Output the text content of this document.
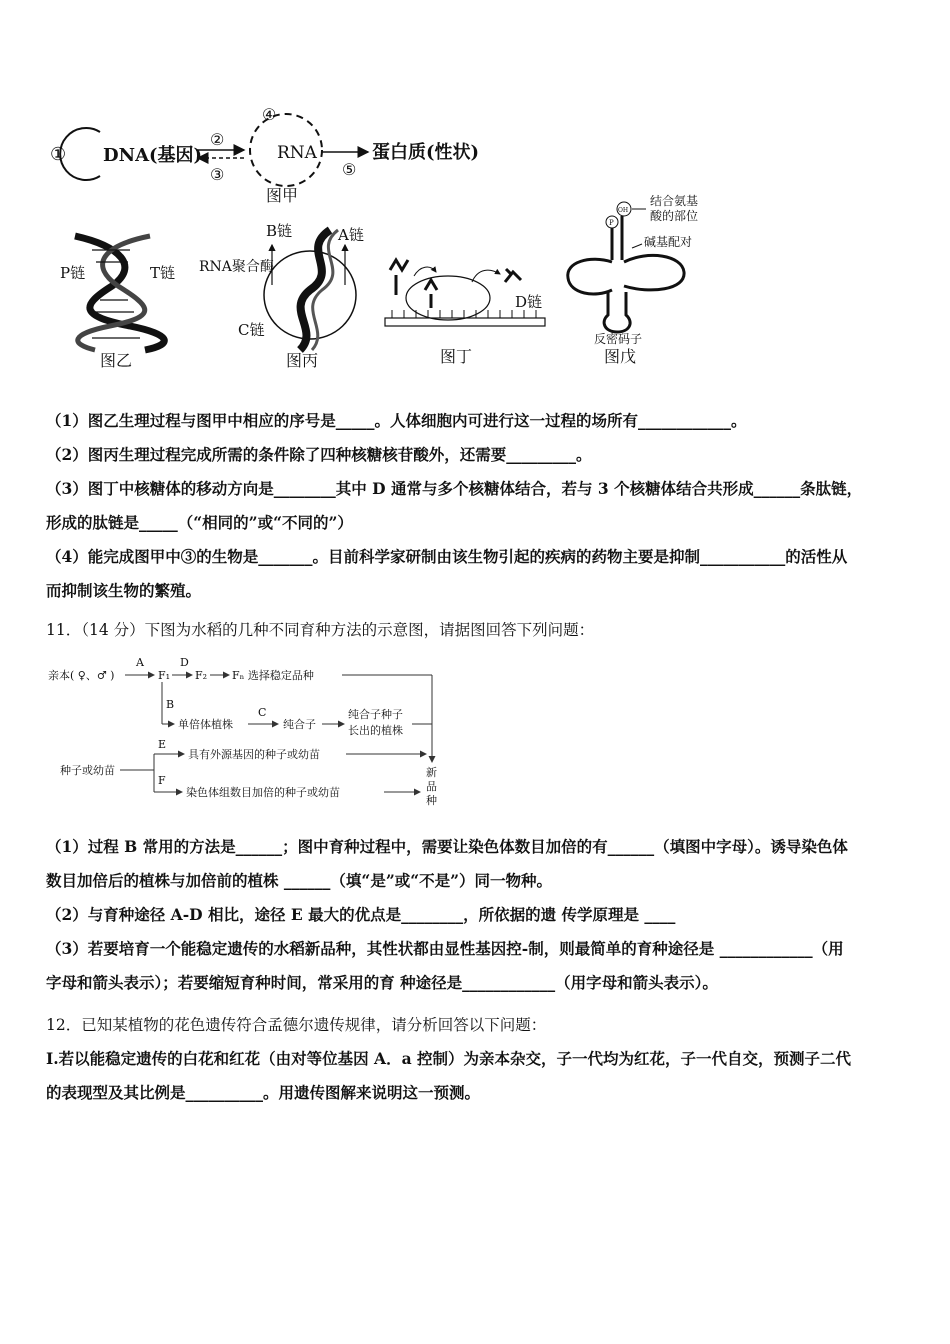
① DNA(基因)
②
③
④
RNA
⑤
蛋白质(性状)
图甲
P链	T链
图乙
B链	A链
RNA聚合酶
C链
图丙
D链
图丁
OH
P
结合氨基
酸的部位
碱基配对
反密码子
图戊
（1）图乙生理过程与图甲中相应的序号是_____。人体细胞内可进行这一过程的场所有____________。
（2）图丙生理过程完成所需的条件除了四种核糖核苷酸外，还需要_________。
（3）图丁中核糖体的移动方向是________其中 D 通常与多个核糖体结合，若与 3 个核糖体结合共形成______条肽链，
形成的肽链是_____（“相同的”或“不同的”）
（4）能完成图甲中③的生物是_______。目前科学家研制由该生物引起的疾病的药物主要是抑制___________的活性从
而抑制该生物的繁殖。
11．（14 分）下图为水稻的几种不同育种方法的示意图，请据图回答下列问题：
亲本( ♀、♂ )
A
F₁
D
F₂ Fₙ 选择稳定品种
B
单倍体植株
C
纯合子
纯合子种子
长出的植株
种子或幼苗
E
具有外源基因的种子或幼苗
F
染色体组数目加倍的种子或幼苗
新
品
种
（1）过程 B 常用的方法是______；图中育种过程中，需要让染色体数目加倍的有______（填图中字母）。诱导染色体
数目加倍后的植株与加倍前的植株 ______（填“是”或“不是”）同一物种。
（2）与育种途径 A-D 相比，途径 E 最大的优点是________，所依据的遗 传学原理是 ____
（3）若要培育一个能稳定遗传的水稻新品种，其性状都由显性基因控-制，则最简单的育种途径是 ____________（用
字母和箭头表示）；若要缩短育种时间，常采用的育 种途径是____________（用字母和箭头表示）。
12．已知某植物的花色遗传符合孟德尔遗传规律，请分析回答以下问题：
I.若以能稳定遗传的白花和红花（由对等位基因 A．a 控制）为亲本杂交，子一代均为红花，子一代自交，预测子二代
的表现型及其比例是__________。用遗传图解来说明这一预测。
